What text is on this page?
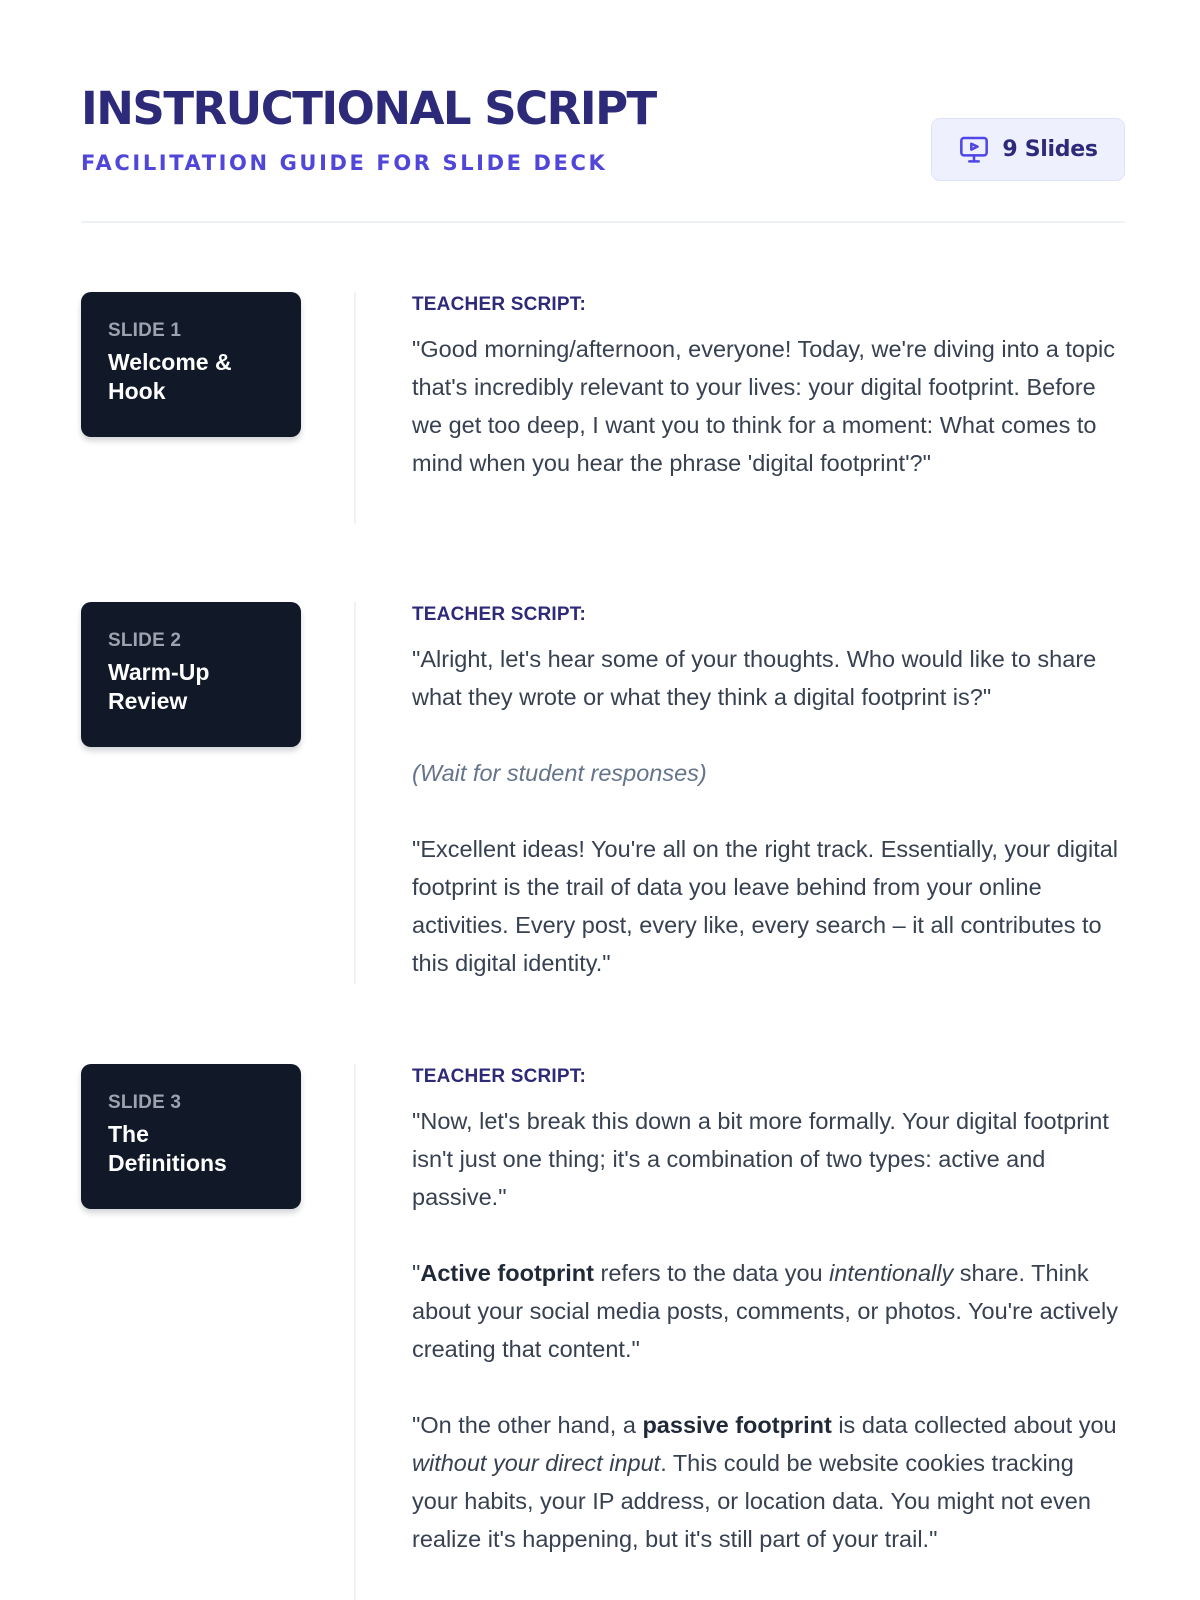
INSTRUCTIONAL SCRIPT
FACILITATION GUIDE FOR SLIDE DECK
9 Slides
SLIDE 1
Welcome & Hook
TEACHER SCRIPT:

"Good morning/afternoon, everyone! Today, we're diving into a topic that's incredibly relevant to your lives: your digital footprint. Before we get too deep, I want you to think for a moment: What comes to mind when you hear the phrase 'digital footprint'?"

SLIDE 2
Warm-Up Review
TEACHER SCRIPT:

"Alright, let's hear some of your thoughts. Who would like to share what they wrote or what they think a digital footprint is?"

(Wait for student responses)

"Excellent ideas! You're all on the right track. Essentially, your digital footprint is the trail of data you leave behind from your online activities. Every post, every like, every search – it all contributes to this digital identity."

SLIDE 3
The Definitions
TEACHER SCRIPT:

"Now, let's break this down a bit more formally. Your digital footprint isn't just one thing; it's a combination of two types: active and passive."

"Active footprint refers to the data you intentionally share. Think about your social media posts, comments, or photos. You're actively creating that content."

"On the other hand, a passive footprint is data collected about you without your direct input. This could be website cookies tracking your habits, your IP address, or location data. You might not even realize it's happening, but it's still part of your trail."
